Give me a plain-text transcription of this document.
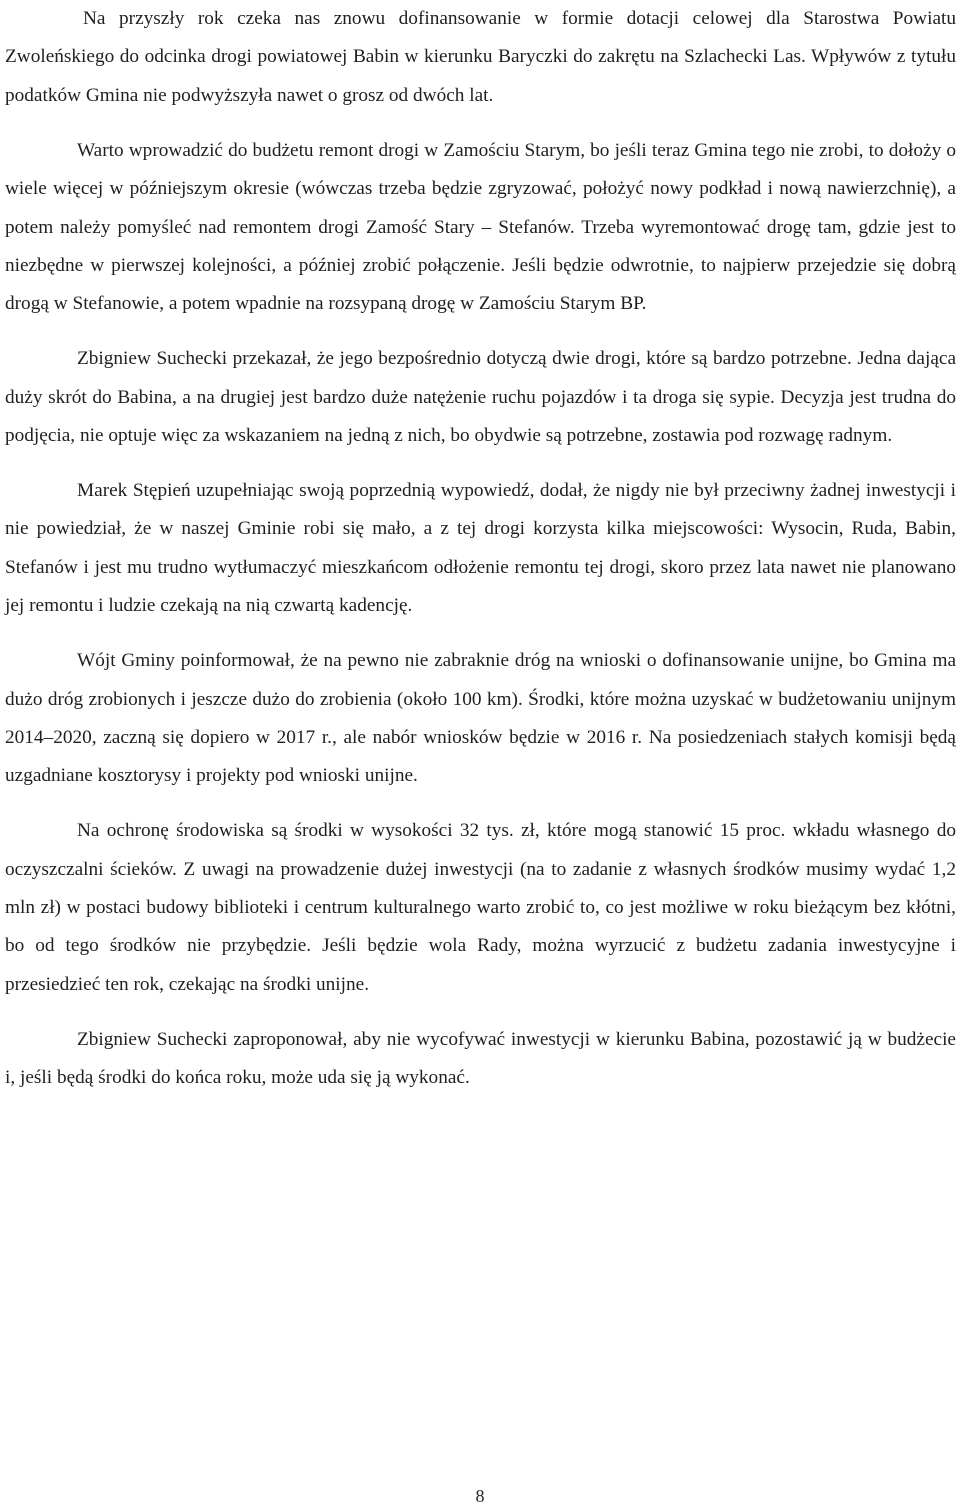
Na przyszły rok czeka nas znowu dofinansowanie w formie dotacji celowej dla Starostwa Powiatu Zwoleńskiego do odcinka drogi powiatowej Babin w kierunku Baryczki do zakrętu na Szlachecki Las. Wpływów z tytułu podatków Gmina nie podwyższyła nawet o grosz od dwóch lat.

Warto wprowadzić do budżetu remont drogi w Zamościu Starym, bo jeśli teraz Gmina tego nie zrobi, to dołoży o wiele więcej w późniejszym okresie (wówczas trzeba będzie zgryzować, położyć nowy podkład i nową nawierzchnię), a potem należy pomyśleć nad remontem drogi Zamość Stary – Stefanów. Trzeba wyremontować drogę tam, gdzie jest to niezbędne w pierwszej kolejności, a później zrobić połączenie. Jeśli będzie odwrotnie, to najpierw przejedzie się dobrą drogą w Stefanowie, a potem wpadnie na rozsypaną drogę w Zamościu Starym BP.

Zbigniew Suchecki przekazał, że jego bezpośrednio dotyczą dwie drogi, które są bardzo potrzebne. Jedna dająca duży skrót do Babina, a na drugiej jest bardzo duże natężenie ruchu pojazdów i ta droga się sypie. Decyzja jest trudna do podjęcia, nie optuje więc za wskazaniem na jedną z nich, bo obydwie są potrzebne, zostawia pod rozwagę radnym.

Marek Stępień uzupełniając swoją poprzednią wypowiedź, dodał, że nigdy nie był przeciwny żadnej inwestycji i nie powiedział, że w naszej Gminie robi się mało, a z tej drogi korzysta kilka miejscowości: Wysocin, Ruda, Babin, Stefanów i jest mu trudno wytłumaczyć mieszkańcom odłożenie remontu tej drogi, skoro przez lata nawet nie planowano jej remontu i ludzie czekają na nią czwartą kadencję.

Wójt Gminy poinformował, że na pewno nie zabraknie dróg na wnioski o dofinansowanie unijne, bo Gmina ma dużo dróg zrobionych i jeszcze dużo do zrobienia (około 100 km). Środki, które można uzyskać w budżetowaniu unijnym 2014–2020, zaczną się dopiero w 2017 r., ale nabór wniosków będzie w 2016 r. Na posiedzeniach stałych komisji będą uzgadniane kosztorysy i projekty pod wnioski unijne.

Na ochronę środowiska są środki w wysokości 32 tys. zł, które mogą stanowić 15 proc. wkładu własnego do oczyszczalni ścieków. Z uwagi na prowadzenie dużej inwestycji (na to zadanie z własnych środków musimy wydać 1,2 mln zł) w postaci budowy biblioteki i centrum kulturalnego warto zrobić to, co jest możliwe w roku bieżącym bez kłótni, bo od tego środków nie przybędzie. Jeśli będzie wola Rady, można wyrzucić z budżetu zadania inwestycyjne i przesiedzieć ten rok, czekając na środki unijne.

Zbigniew Suchecki zaproponował, aby nie wycofywać inwestycji w kierunku Babina, pozostawić ją w budżecie i, jeśli będą środki do końca roku, może uda się ją wykonać.

8
